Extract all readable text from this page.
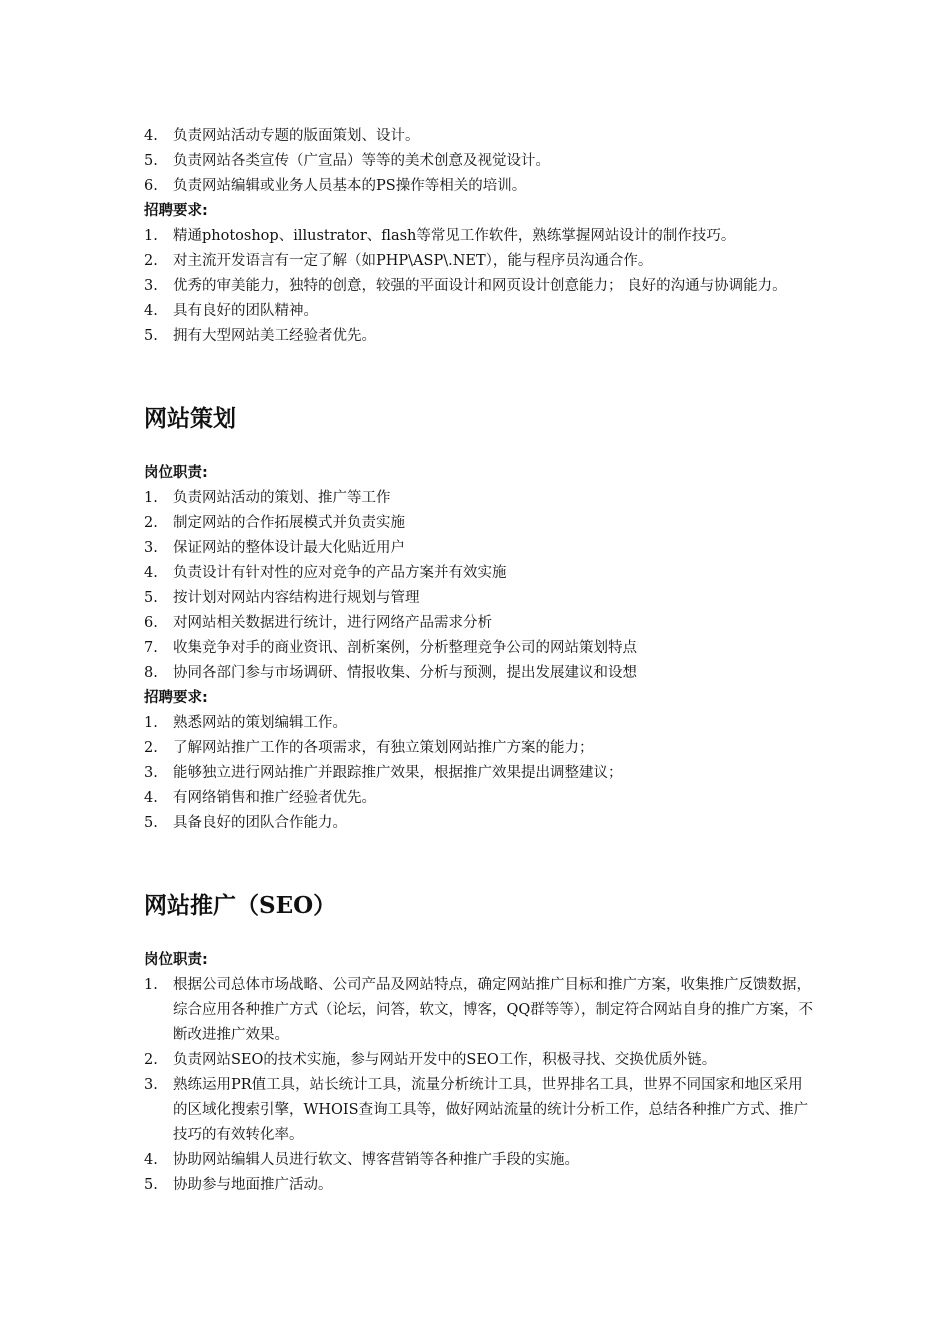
4. 负责网站活动专题的版面策划、设计。
5. 负责网站各类宣传（广宣品）等等的美术创意及视觉设计。
6. 负责网站编辑或业务人员基本的PS操作等相关的培训。
招聘要求:
1. 精通photoshop、illustrator、flash等常见工作软件，熟练掌握网站设计的制作技巧。
2. 对主流开发语言有一定了解（如PHP\ASP\.NET），能与程序员沟通合作。
3. 优秀的审美能力，独特的创意，较强的平面设计和网页设计创意能力； 良好的沟通与协调能力。
4. 具有良好的团队精神。
5. 拥有大型网站美工经验者优先。
网站策划
岗位职责:
1. 负责网站活动的策划、推广等工作
2. 制定网站的合作拓展模式并负责实施
3. 保证网站的整体设计最大化贴近用户
4. 负责设计有针对性的应对竞争的产品方案并有效实施
5. 按计划对网站内容结构进行规划与管理
6. 对网站相关数据进行统计，进行网络产品需求分析
7. 收集竞争对手的商业资讯、剖析案例，分析整理竞争公司的网站策划特点
8. 协同各部门参与市场调研、情报收集、分析与预测，提出发展建议和设想
招聘要求:
1. 熟悉网站的策划编辑工作。
2. 了解网站推广工作的各项需求，有独立策划网站推广方案的能力；
3. 能够独立进行网站推广并跟踪推广效果，根据推广效果提出调整建议；
4. 有网络销售和推广经验者优先。
5. 具备良好的团队合作能力。
网站推广（SEO）
岗位职责:
1. 根据公司总体市场战略、公司产品及网站特点，确定网站推广目标和推广方案，收集推广反馈数据，综合应用各种推广方式（论坛，问答，软文，博客，QQ群等等），制定符合网站自身的推广方案，不断改进推广效果。
2. 负责网站SEO的技术实施，参与网站开发中的SEO工作，积极寻找、交换优质外链。
3. 熟练运用PR值工具，站长统计工具，流量分析统计工具，世界排名工具，世界不同国家和地区采用的区域化搜索引擎，WHOIS查询工具等，做好网站流量的统计分析工作，总结各种推广方式、推广技巧的有效转化率。
4. 协助网站编辑人员进行软文、博客营销等各种推广手段的实施。
5. 协助参与地面推广活动。
